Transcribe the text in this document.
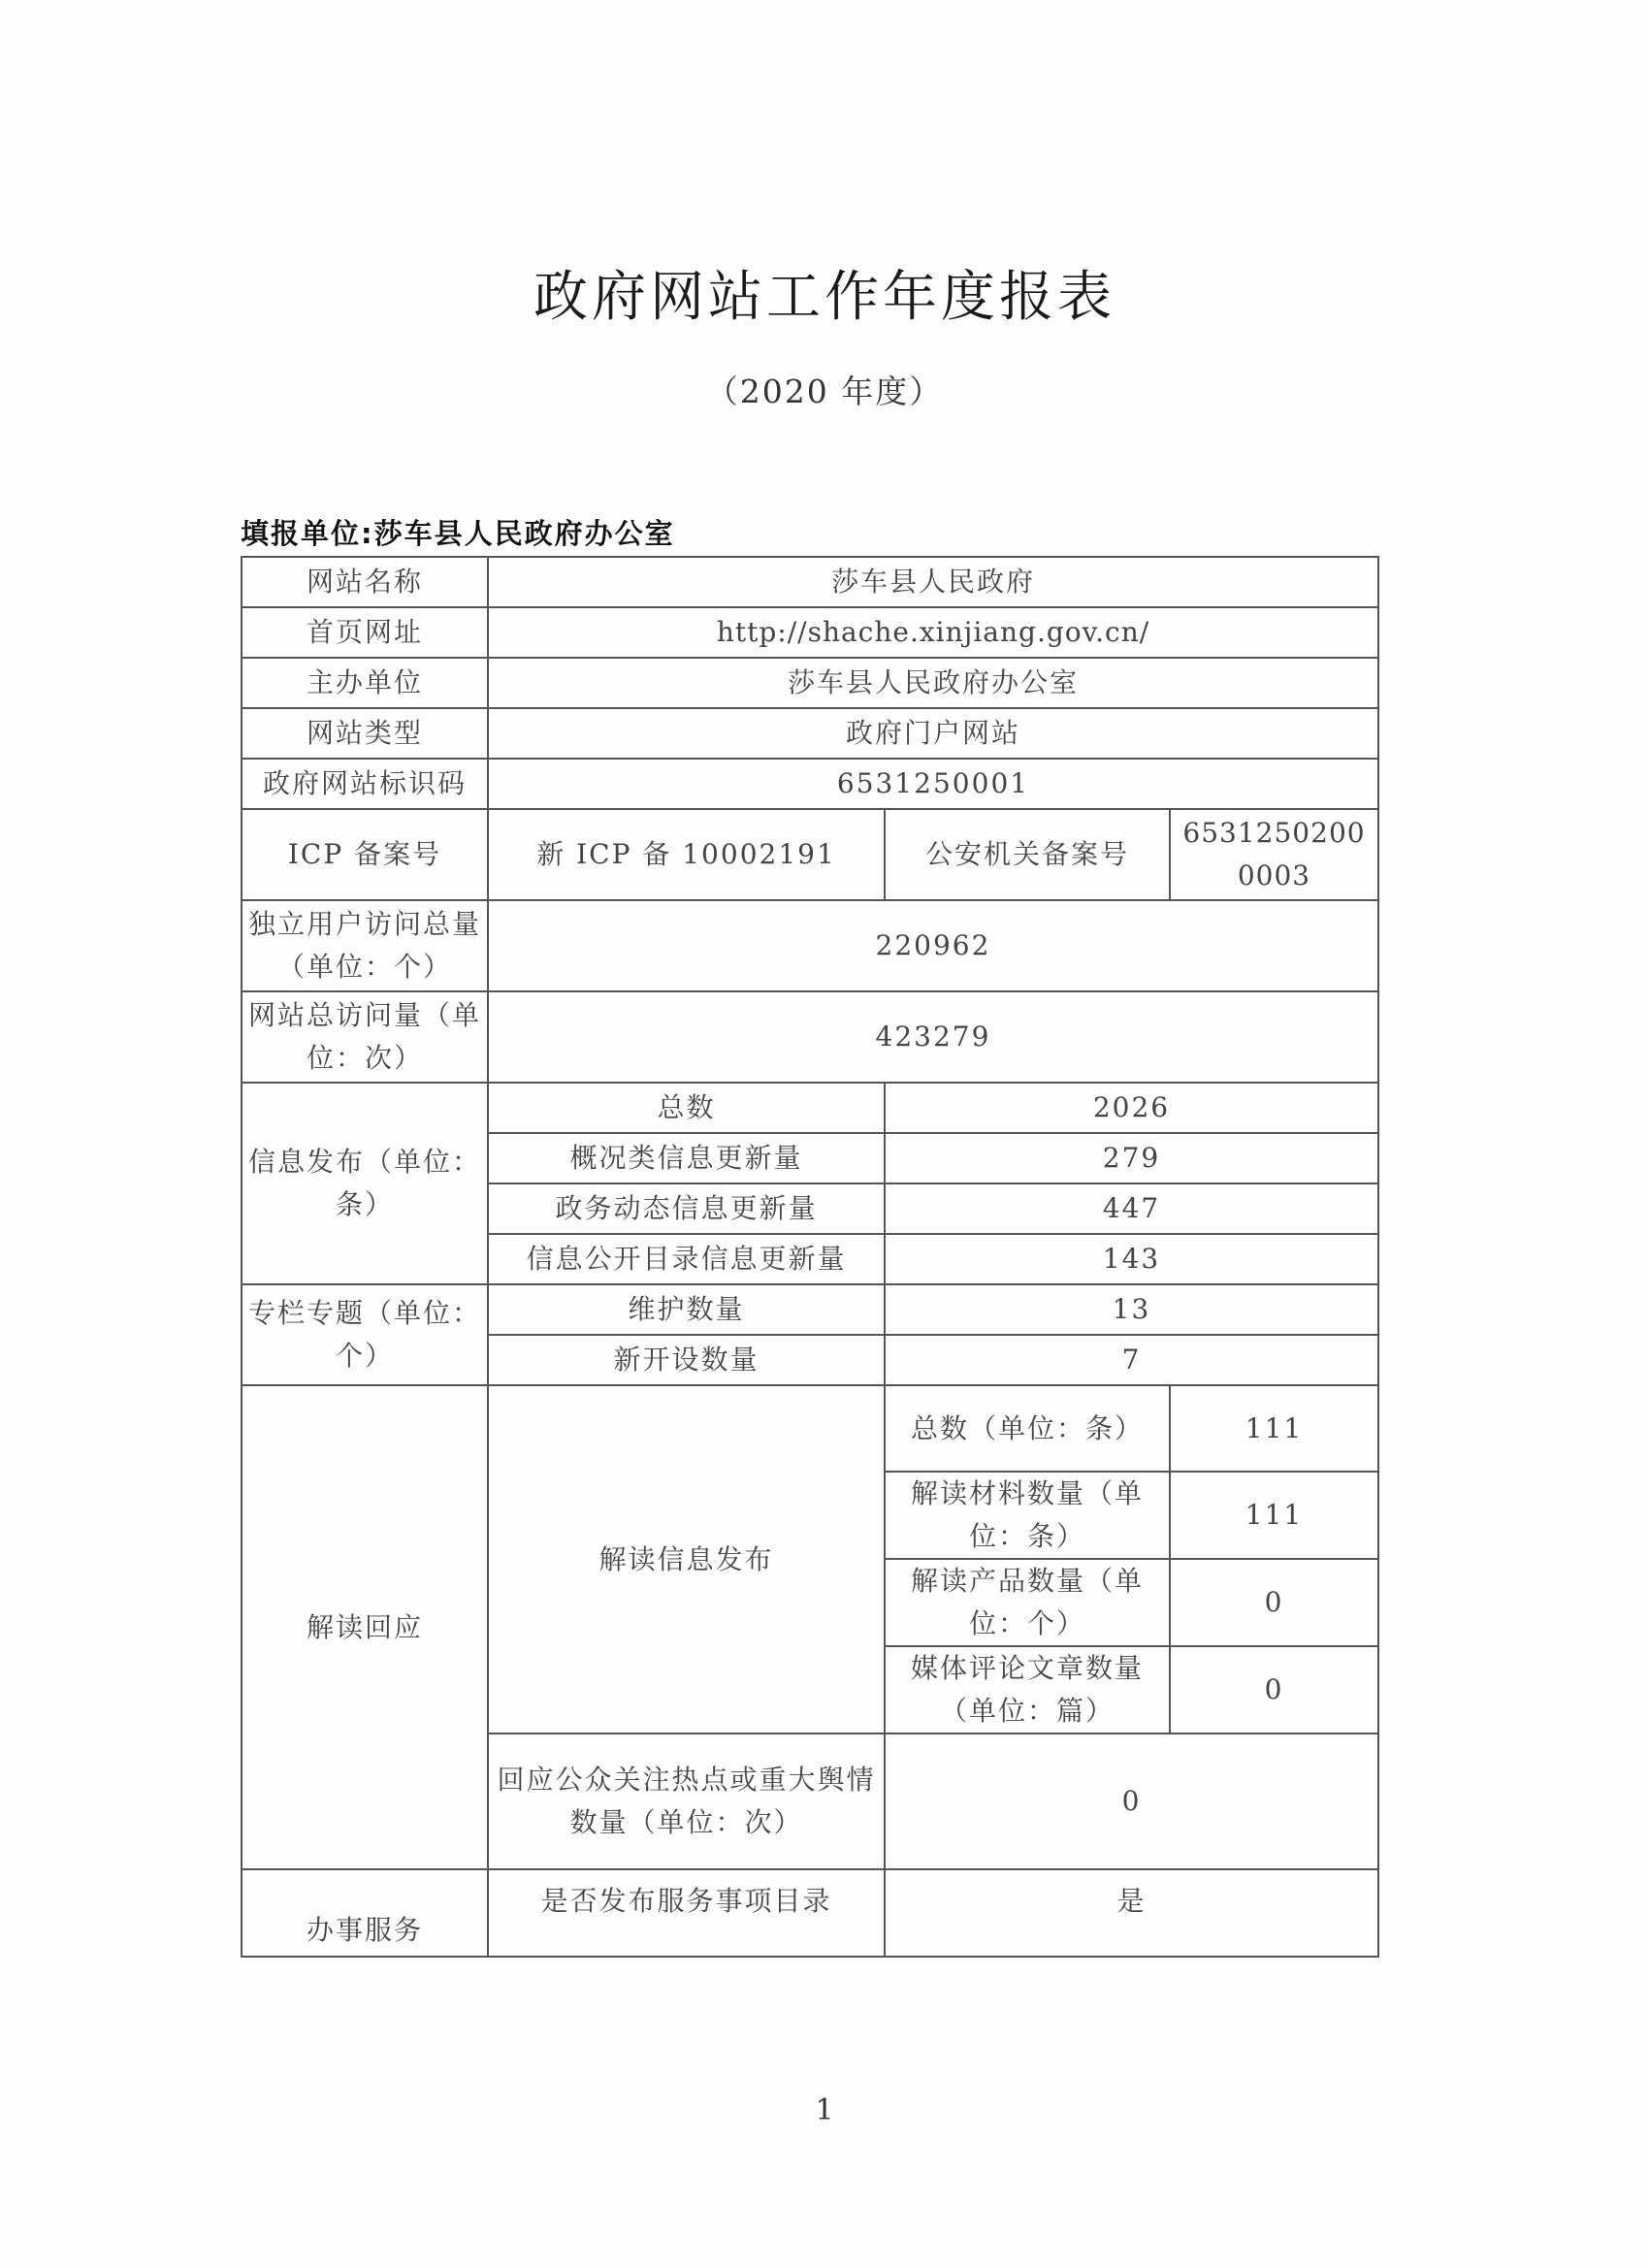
政府网站工作年度报表
（2020 年度）
填报单位:莎车县人民政府办公室
网站名称	莎车县人民政府		
首页网址	http://shache.xinjiang.gov.cn/		
主办单位	莎车县人民政府办公室		
网站类型	政府门户网站		
政府网站标识码	6531250001		
ICP 备案号	新 ICP 备 10002191	公安机关备案号	65312502000003
独立用户访问总量（单位：个）	220962		
网站总访问量（单位：次）	423279		
信息发布（单位：条）	总数	2026	
	概况类信息更新量	279	
	政务动态信息更新量	447	
	信息公开目录信息更新量	143	
专栏专题（单位：个）	维护数量	13	
	新开设数量	7	
解读回应	解读信息发布	总数（单位：条）	111
		解读材料数量（单位：条）	111
		解读产品数量（单位：个）	0
		媒体评论文章数量（单位：篇）	0
	回应公众关注热点或重大舆情数量（单位：次）	0	
办事服务	是否发布服务事项目录	是	
1
